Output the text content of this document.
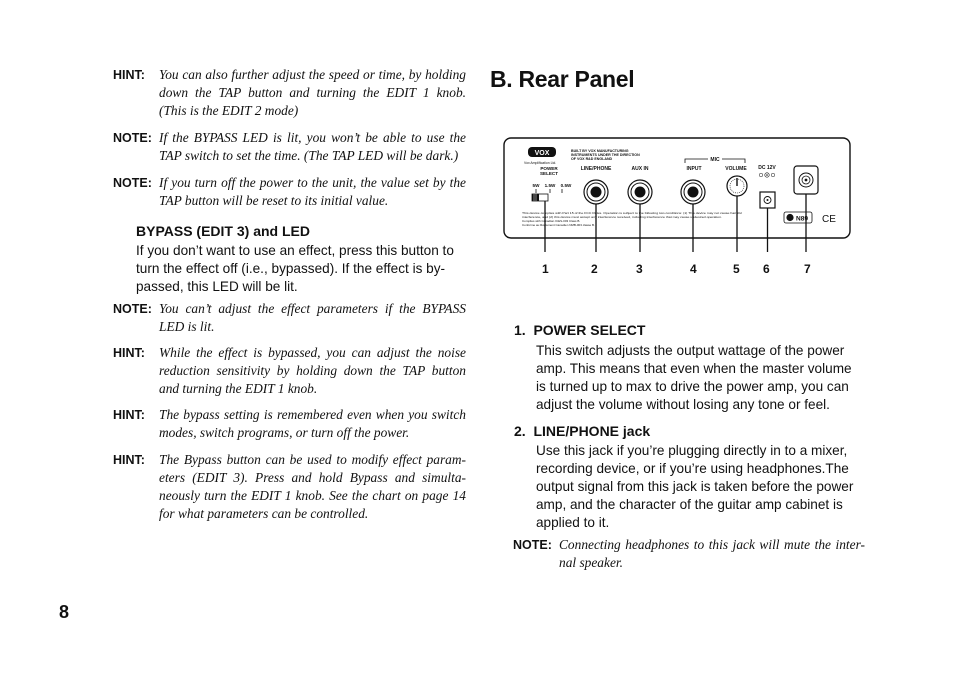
HINT: You can also further adjust the speed or time, by holding
down the TAP button and turning the EDIT 1 knob.
(This is the EDIT 2 mode)
NOTE: If the BYPASS LED is lit, you won’t be able to use the
TAP switch to set the time. (The TAP LED will be dark.)
NOTE: If you turn off the power to the unit, the value set by the
TAP button will be reset to its initial value.
BYPASS (EDIT 3) and LED
If you don’t want to use an effect, press this button to
turn the effect off (i.e., bypassed). If the effect is by-
passed, this LED will be lit.
NOTE: You can’t adjust the effect parameters if the BYPASS
LED is lit.
HINT: While the effect is bypassed, you can adjust the noise
reduction sensitivity by holding down the TAP button
and turning the EDIT 1 knob.
HINT: The bypass setting is remembered even when you switch
modes, switch programs, or turn off the power.
HINT: The Bypass button can be used to modify effect param-
eters (EDIT 3). Press and hold Bypass and simulta-
neously turn the EDIT 1 knob. See the chart on page 14
for what parameters can be controlled.
8
B. Rear Panel
VOX
Vox Amplification Ltd.
BUILT BY VOX MANUFACTURING
INSTRUMENTS UNDER THE DIRECTION
OF VOX R&D ENGLAND
POWER
SELECT
5W 1.5W 0.5W
LINE/PHONE	AUX IN
MIC
INPUT	VOLUME DC 12V
This device complies with Part 15 of the FCC Rules. Operation is subject to the following two conditions: (1) This device may not cause harmful
interference, and (2) this device must accept any interference received, including interference that may cause undesired operation.
Complies with Canadian ICES-003 Class B.
Conforme au Règlement Canadien NMB-003 classe B.
N89 CE
1	2	3	4	5 6	7
1.  POWER SELECT
This switch adjusts the output wattage of the power
amp. This means that even when the master volume
is turned up to max to drive the power amp, you can
adjust the volume without losing any tone or feel.
2.  LINE/PHONE jack
Use this jack if you’re plugging directly in to a mixer,
recording device, or if you’re using headphones.The
output signal from this jack is taken before the power
amp, and the character of the guitar amp cabinet is
applied to it.
NOTE: Connecting headphones to this jack will mute the inter-
nal speaker.
